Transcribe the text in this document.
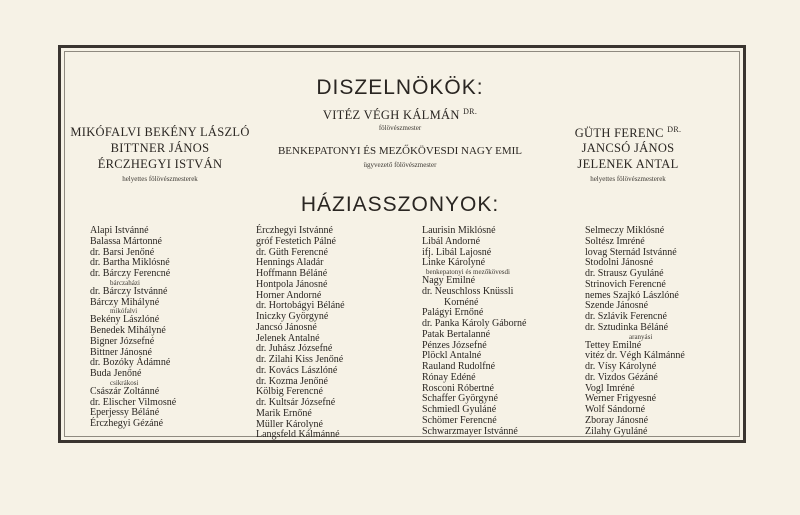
DISZELNÖKÖK:
VITÉZ VÉGH KÁLMÁN $^{DR.}$
fölövészmester
BENKEPATONYI ÉS MEZŐKÖVESDI NAGY EMIL
ügyvezető fölövészmester
MIKÓFALVI BEKÉNY LÁSZLÓ
BITTNER JÁNOS
ÉRCZHEGYI ISTVÁN
helyettes fölövészmesterek
GÜTH FERENC $^{DR.}$
JANCSÓ JÁNOS
JELENEK ANTAL
helyettes fölövészmesterek
HÁZIASSZONYOK:
Alapi Istvánné
Balassa Mártonné
dr. Barsi Jenőné
dr. Bartha Miklósné
dr. Bárczy Ferencné
bárczaházi
dr. Bárczy Istvánné
Bárczy Mihályné
mikófalvi
Bekény Lászlóné
Benedek Mihályné
Bigner Józsefné
Bittner Jánosné
dr. Bozóky Ádámné
Buda Jenőné
csikrákosi
Császár Zoltánné
dr. Elischer Vilmosné
Eperjessy Béláné
Érczhegyi Gézáné
Érczhegyi Istvánné
gróf Festetich Pálné
dr. Güth Ferencné
Hennings Aladár
Hoffmann Béláné
Hontpola Jánosné
Horner Andorné
dr. Hortobágyi Béláné
Iniczky Györgyné
Jancsó Jánosné
Jelenek Antalné
dr. Juhász Józsefné
dr. Zilahi Kiss Jenőné
dr. Kovács Lászlóné
dr. Kozma Jenőné
Kölbig Ferencné
dr. Kultsár Józsefné
Marik Ernőné
Müller Károlyné
Langsfeld Kálmánné
Laurisin Miklósné
Libál Andorné
ifj. Libál Lajosné
Linke Károlyné
benkepatonyi és mezőkövesdi
Nagy Emilné
dr. Neuschloss Knüssli
Kornéné
Palágyi Ernőné
dr. Panka Károly Gáborné
Patak Bertalanné
Pénzes Józsefné
Plöckl Antalné
Rauland Rudolfné
Rónay Edéné
Rosconi Róbertné
Schaffer Györgyné
Schmiedl Gyuláné
Schömer Ferencné
Schwarzmayer Istvánné
Selmeczy Miklósné
Soltész Imréné
lovag Sternád Istvánné
Stodolni Jánosné
dr. Strausz Gyuláné
Strinovich Ferencné
nemes Szajkó Lászlóné
Szende Jánosné
dr. Szlávik Ferencné
dr. Sztudinka Béláné
aranyási
Tettey Emilné
vitéz dr. Végh Kálmánné
dr. Vísy Károlyné
dr. Vizdos Gézáné
Vogl Imréné
Werner Frigyesné
Wolf Sándorné
Zboray Jánosné
Zilahy Gyuláné
